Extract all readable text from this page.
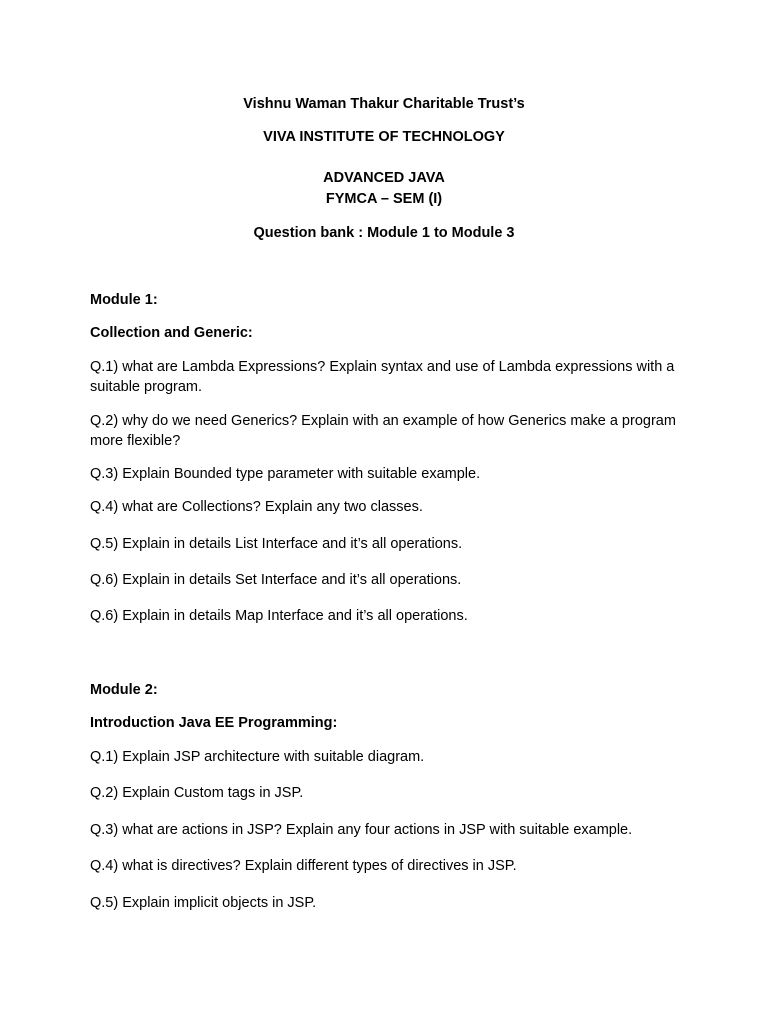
Vishnu Waman Thakur Charitable Trust’s
VIVA INSTITUTE OF TECHNOLOGY
ADVANCED JAVA
FYMCA – SEM (I)
Question bank : Module 1 to Module 3
Module 1:
Collection and Generic:
Q.1) what are Lambda Expressions? Explain syntax and use of Lambda expressions with a suitable program.
Q.2) why do we need Generics? Explain with an example of how Generics make a program more flexible?
Q.3) Explain Bounded type parameter with suitable example.
Q.4) what are Collections? Explain any two classes.
Q.5) Explain in details List Interface and it’s all operations.
Q.6) Explain in details Set Interface and it’s all operations.
Q.6) Explain in details Map Interface and it’s all operations.
Module 2:
Introduction Java EE Programming:
Q.1) Explain JSP architecture with suitable diagram.
Q.2) Explain Custom tags in JSP.
Q.3) what are actions in JSP? Explain any four actions in JSP with suitable example.
Q.4) what is directives? Explain different types of directives in JSP.
Q.5) Explain implicit objects in JSP.
